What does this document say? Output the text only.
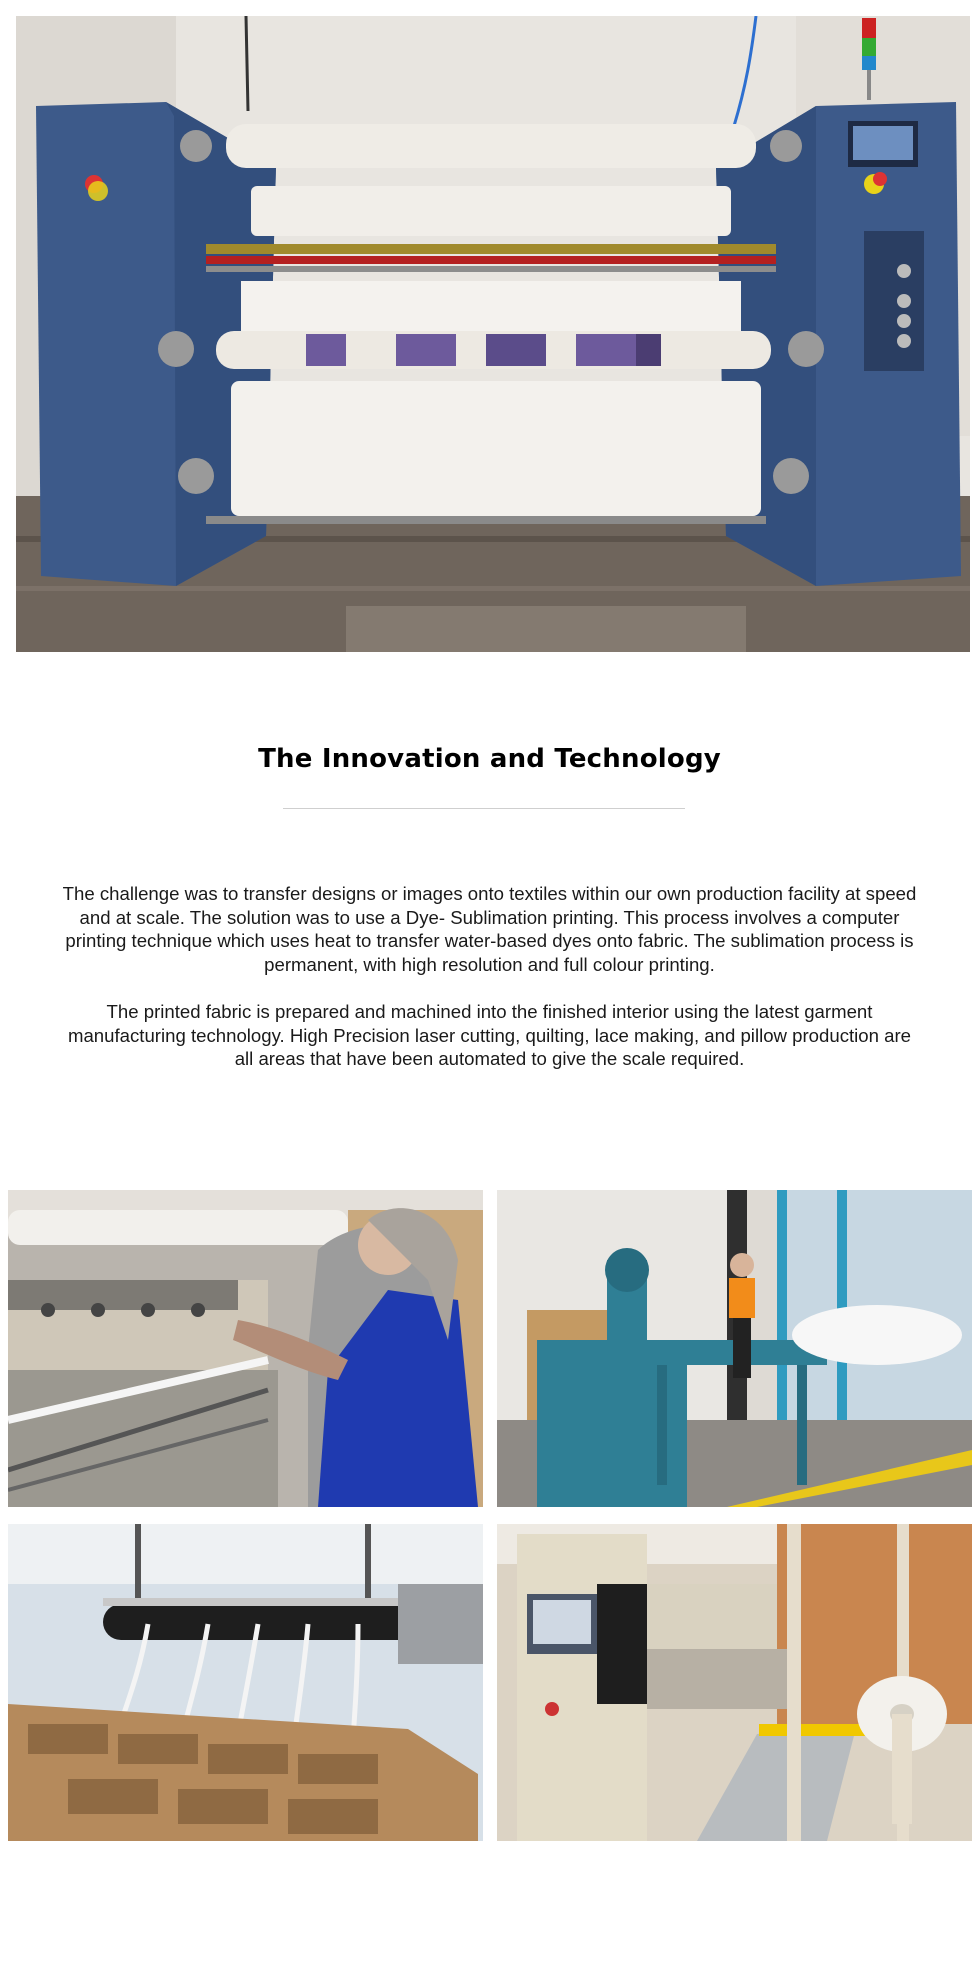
The Innovation and Technology

The challenge was to transfer designs or images onto textiles within our own production facility at speed and at scale. The solution was to use a Dye- Sublimation printing. This process involves a computer printing technique which uses heat to transfer water-based dyes onto fabric. The sublimation process is permanent, with high resolution and full colour printing.

The printed fabric is prepared and machined into the finished interior using the latest garment manufacturing technology. High Precision laser cutting, quilting, lace making, and pillow production are all areas that have been automated to give the scale required.
